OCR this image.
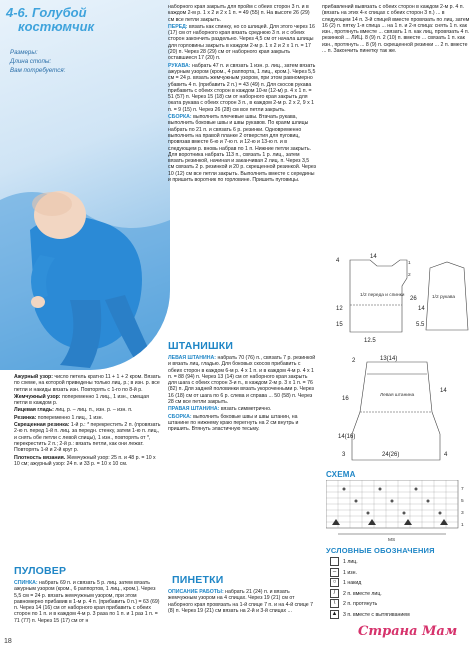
4-6. Голубой
костюмчик
Размеры:
Длина стопы:
Вам потребуется:

Ажурный узор: число петель кратно 11 + 1 + 2 кром. Вязать по схеме, на которой приведены только лиц. р.; в изн. р. все петли и накиды вязать изн. Повторять с 1-го по 8-й р.

Жемчужный узор: попеременно 1 лиц., 1 изн., смещая петли в каждом р.

Лицевая гладь: лиц. р. – лиц. п., изн. р. – изн. п.

Резинка: попеременно 1 лиц., 1 изн.

Скрещенная резинка: 1-й р.: * перекрестить 2 п. (провязать 2-ю п. перед 1-й п. лиц. за передн. стенку, затем 1-ю п. лиц., и снять обе петли с левой спицы), 1 изн., повторять от *, перекрестить 2 п.; 2-й р.: вязать петли, как они лежат. Повторять 1-й и 2-й круг р.

Плотность вязания. Жемчужный узор: 25 п. и 48 р. = 10 х 10 см; ажурный узор: 24 п. и 33 р. = 10 х 10 см.

ПУЛОВЕР

СПИНКА: набрать 69 п. и связать 5 р. лиц. затем вязать ажурным узором (кром., 6 раппортов, 1 лиц., кром.). Через 5,5 см = 24 р. вязать жемчужным узором, при этом равномерно прибавив в 1-м р. 4 п. (прибавить 0 п.) = 63 (69) п. Через 14 (16) см от наборного края прибавить с обеих сторон по 1 п. и в каждом 4-м р. 3 раза по 1 п. и 1 раз 1 п. = 71 (77) п. Через 15 (17) см от н

18

наборного края закрыть для пройм с обеих сторон 3 п. и в каждом 2-м р. 1 х 2 и 2 х 1 п. = 49 (55) п. На высоте 26 (29) см все петли закрыть.

ПЕРЕД: вязать как спинку, но со шлицей. Для этого через 16 (17) см от наборного края вязать среднюю 3 п. и с обеих сторон закончить раздельно. Через 4,5 см от начала шлицы для горловины закрыть в каждом 2-м р. 1 х 2 и 2 х 1 п. = 17 (20) п. Через 28 (29) см от наборного края закрыть оставшиеся 17 (20) п.

РУКАВА: набрать 47 п. и связать 1 изн. р. лиц., затем вязать ажурным узором (кром., 4 раппорта, 1 лиц., кром.). Через 5,5 см = 24 р. вязать жемчужным узором, при этом равномерно убавить 4 п. (прибавить 2 п.) = 43 (49) п. Для скосов рукава прибавить с обеих сторон в каждом 10-м (12-м) р. 4 х 1 п. = 51 (57) п. Через 15 (18) см от наборного края закрыть для оката рукава с обеих сторон 3 п., в каждом 2-м р. 2 х 2, 9 х 1 п. = 9 (15) п. Через 26 (28) см все петли закрыть.

СБОРКА: выполнить плечевые швы. Втачать рукава, выполнить боковые швы и швы рукавов. По краям шлицы набрать по 21 п. и связать 6 р. резинки. Одновременно выполнить на правой планке 2 отверстия для пуговиц, провязав вместе 6-ю и 7-ю п. и 12-ю и 13-ю п. и в следующем р. вновь набрав по 1 п. Нижние петли закрыть. Для воротника набрать 113 п., связать 1 р. лиц., затем вязать резинкой, начиная и заканчивая 2 лиц. п. Через 3,5 см связать 2 р. резинкой и 20 р. скрещенной резинкой. Через 10 (12) см все петли закрыть. Выполнить вместе с середины и пришить воротник по горловине. Пришить пуговицы.

ШТАНИШКИ

ЛЕВАЯ ШТАНИНА: набрать 70 (76) п., связать 7 р. резинкой и вязать лиц. гладью. Для боковых скосов прибавить с обеих сторон в каждом 6-м р. 4 х 1 п. и в каждом 4-м р. 4 х 1 п. = 88 (94) п. Через 13 (14) см от наборного края закрыть для шага с обеих сторон 3-и п., в каждом 2-м р. 3 х 1 п. = 76 (82) п. Для задней половинки вязать укороченными р. Через 16 (18) см от шага по 6 р. слева и справа ... 50 (58) п. Через 28 см все петли закрыть.

ПРАВАЯ ШТАНИНА: вязать симметрично.

СБОРКА: выполнить боковые швы и швы штанин, на штанине по нижнему краю перегнуть на 2 см внутрь и пришить. Втянуть эластичную тесьму.

ПИНЕТКИ

ОПИСАНИЕ РАБОТЫ: набрать 21 (24) п. и вязать жемчужным узором на 4 спицах. Через 19 (21) см от наборного края провязать на 1-й спице 7 п. и на 4-й спице 7 (8) п. Через 19 (21) см вязать на 2-й и 3-й спицах ...

прибавлений вывязать с обеих сторон в каждом 2-м р. 4 п. (вязать на этих 4-х спицах с обеих сторон 3 п.) ... в следующем 14 п. 3-й спицей вместе провязать по лиц. затем 16 (2) п. пятку 1-я спица ... на 1 п. и 2-я спица: снять 1 п. как изн., протянуть вместе ... связать 1 п. как лиц, провязать 4 п. резинкой ... ЛИЦ. 8 (9) п. 2 (10) п. вместе ... связать 1 п. как изн., протянуть ... 8 (9) п. скрещенной резинки ... 2 п. вместе ... п. Закончить пинетку так же.

4
14
1
2
1/2 переда и спинки
26
12
15
12.5
1/2 рукава
14
5.5
2	13(14)
14
Левая штанина
16
14(16)
3	24(26)	4
СХЕМА
1
3
5
7
МS
УСЛОВНЫЕ ОБОЗНАЧЕНИЯ
1 лиц.
– 1 изн.
○ 1 накид
/ 2 п. вместе лиц.
\ 2 п. протянуть
▲ 3 п. вместе с вытягиванием
Страна Мам
